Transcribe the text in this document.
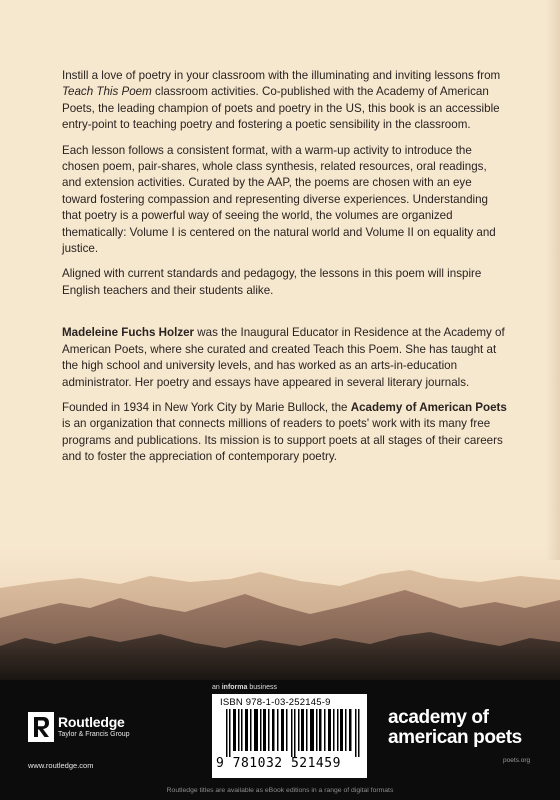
Instill a love of poetry in your classroom with the illuminating and inviting lessons from Teach This Poem classroom activities. Co-published with the Academy of American Poets, the leading champion of poets and poetry in the US, this book is an accessible entry-point to teaching poetry and fostering a poetic sensibility in the classroom.

Each lesson follows a consistent format, with a warm-up activity to introduce the chosen poem, pair-shares, whole class synthesis, related resources, oral readings, and extension activities. Curated by the AAP, the poems are chosen with an eye toward fostering compassion and representing diverse experiences. Understanding that poetry is a powerful way of seeing the world, the volumes are organized thematically: Volume I is centered on the natural world and Volume II on equality and justice.

Aligned with current standards and pedagogy, the lessons in this poem will inspire English teachers and their students alike.

Madeleine Fuchs Holzer was the Inaugural Educator in Residence at the Academy of American Poets, where she curated and created Teach this Poem. She has taught at the high school and university levels, and has worked as an arts-in-education administrator. Her poetry and essays have appeared in several literary journals.

Founded in 1934 in New York City by Marie Bullock, the Academy of American Poets is an organization that connects millions of readers to poets' work with its many free programs and publications. Its mission is to support poets at all stages of their careers and to foster the appreciation of contemporary poetry.

an informa business
Routledge
Taylor & Francis Group
www.routledge.com
ISBN 978-1-03-252145-9
9 781032 521459
academy of
american poets
poets.org
Routledge titles are available as eBook editions in a range of digital formats
